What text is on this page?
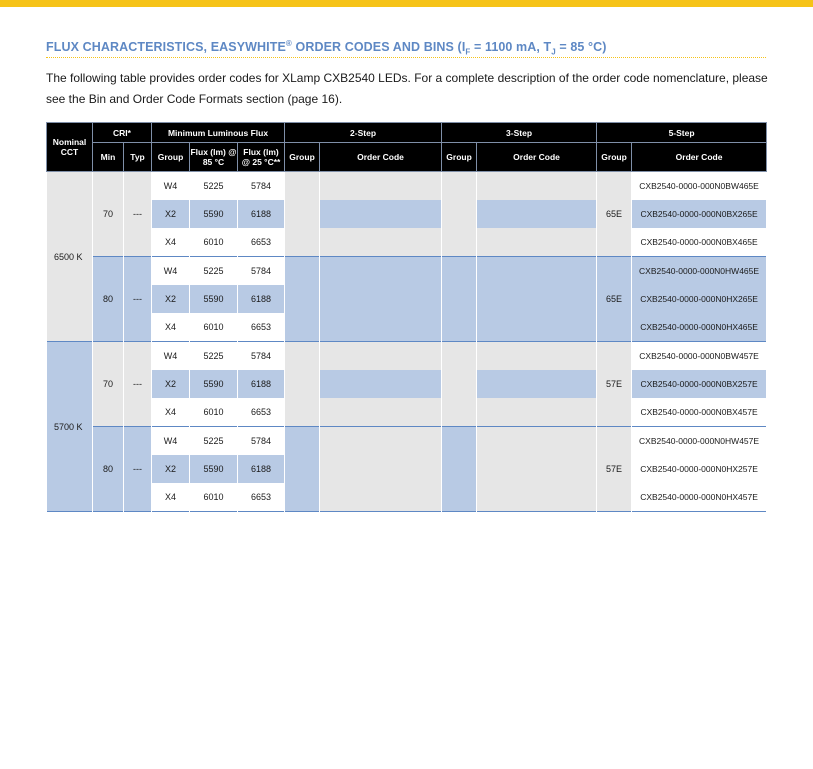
FLUX CHARACTERISTICS, EASYWHITE® ORDER CODES AND BINS ($I_F = 1100$ mA, $T_J = 85$ °C)
The following table provides order codes for XLamp CXB2540 LEDs. For a complete description of the order code nomenclature, please see the Bin and Order Code Formats section (page 16).
Nominal CCT	CRI*		Minimum Luminous Flux			2-Step		3-Step		5-Step	
	Min	Typ	Group	Flux (lm) @ 85 °C	Flux (lm) @ 25 °C**	Group	Order Code	Group	Order Code	Group	Order Code
6500 K	70	---	W4	5225	5784					65E	CXB2540-0000-000N0BW465E
			X2	5590	6188						CXB2540-0000-000N0BX265E
			X4	6010	6653						CXB2540-0000-000N0BX465E
	80	---	W4	5225	5784					65E	CXB2540-0000-000N0HW465E
			X2	5590	6188						CXB2540-0000-000N0HX265E
			X4	6010	6653						CXB2540-0000-000N0HX465E
5700 K	70	---	W4	5225	5784					57E	CXB2540-0000-000N0BW457E
			X2	5590	6188						CXB2540-0000-000N0BX257E
			X4	6010	6653						CXB2540-0000-000N0BX457E
	80	---	W4	5225	5784					57E	CXB2540-0000-000N0HW457E
			X2	5590	6188						CXB2540-0000-000N0HX257E
			X4	6010	6653						CXB2540-0000-000N0HX457E
